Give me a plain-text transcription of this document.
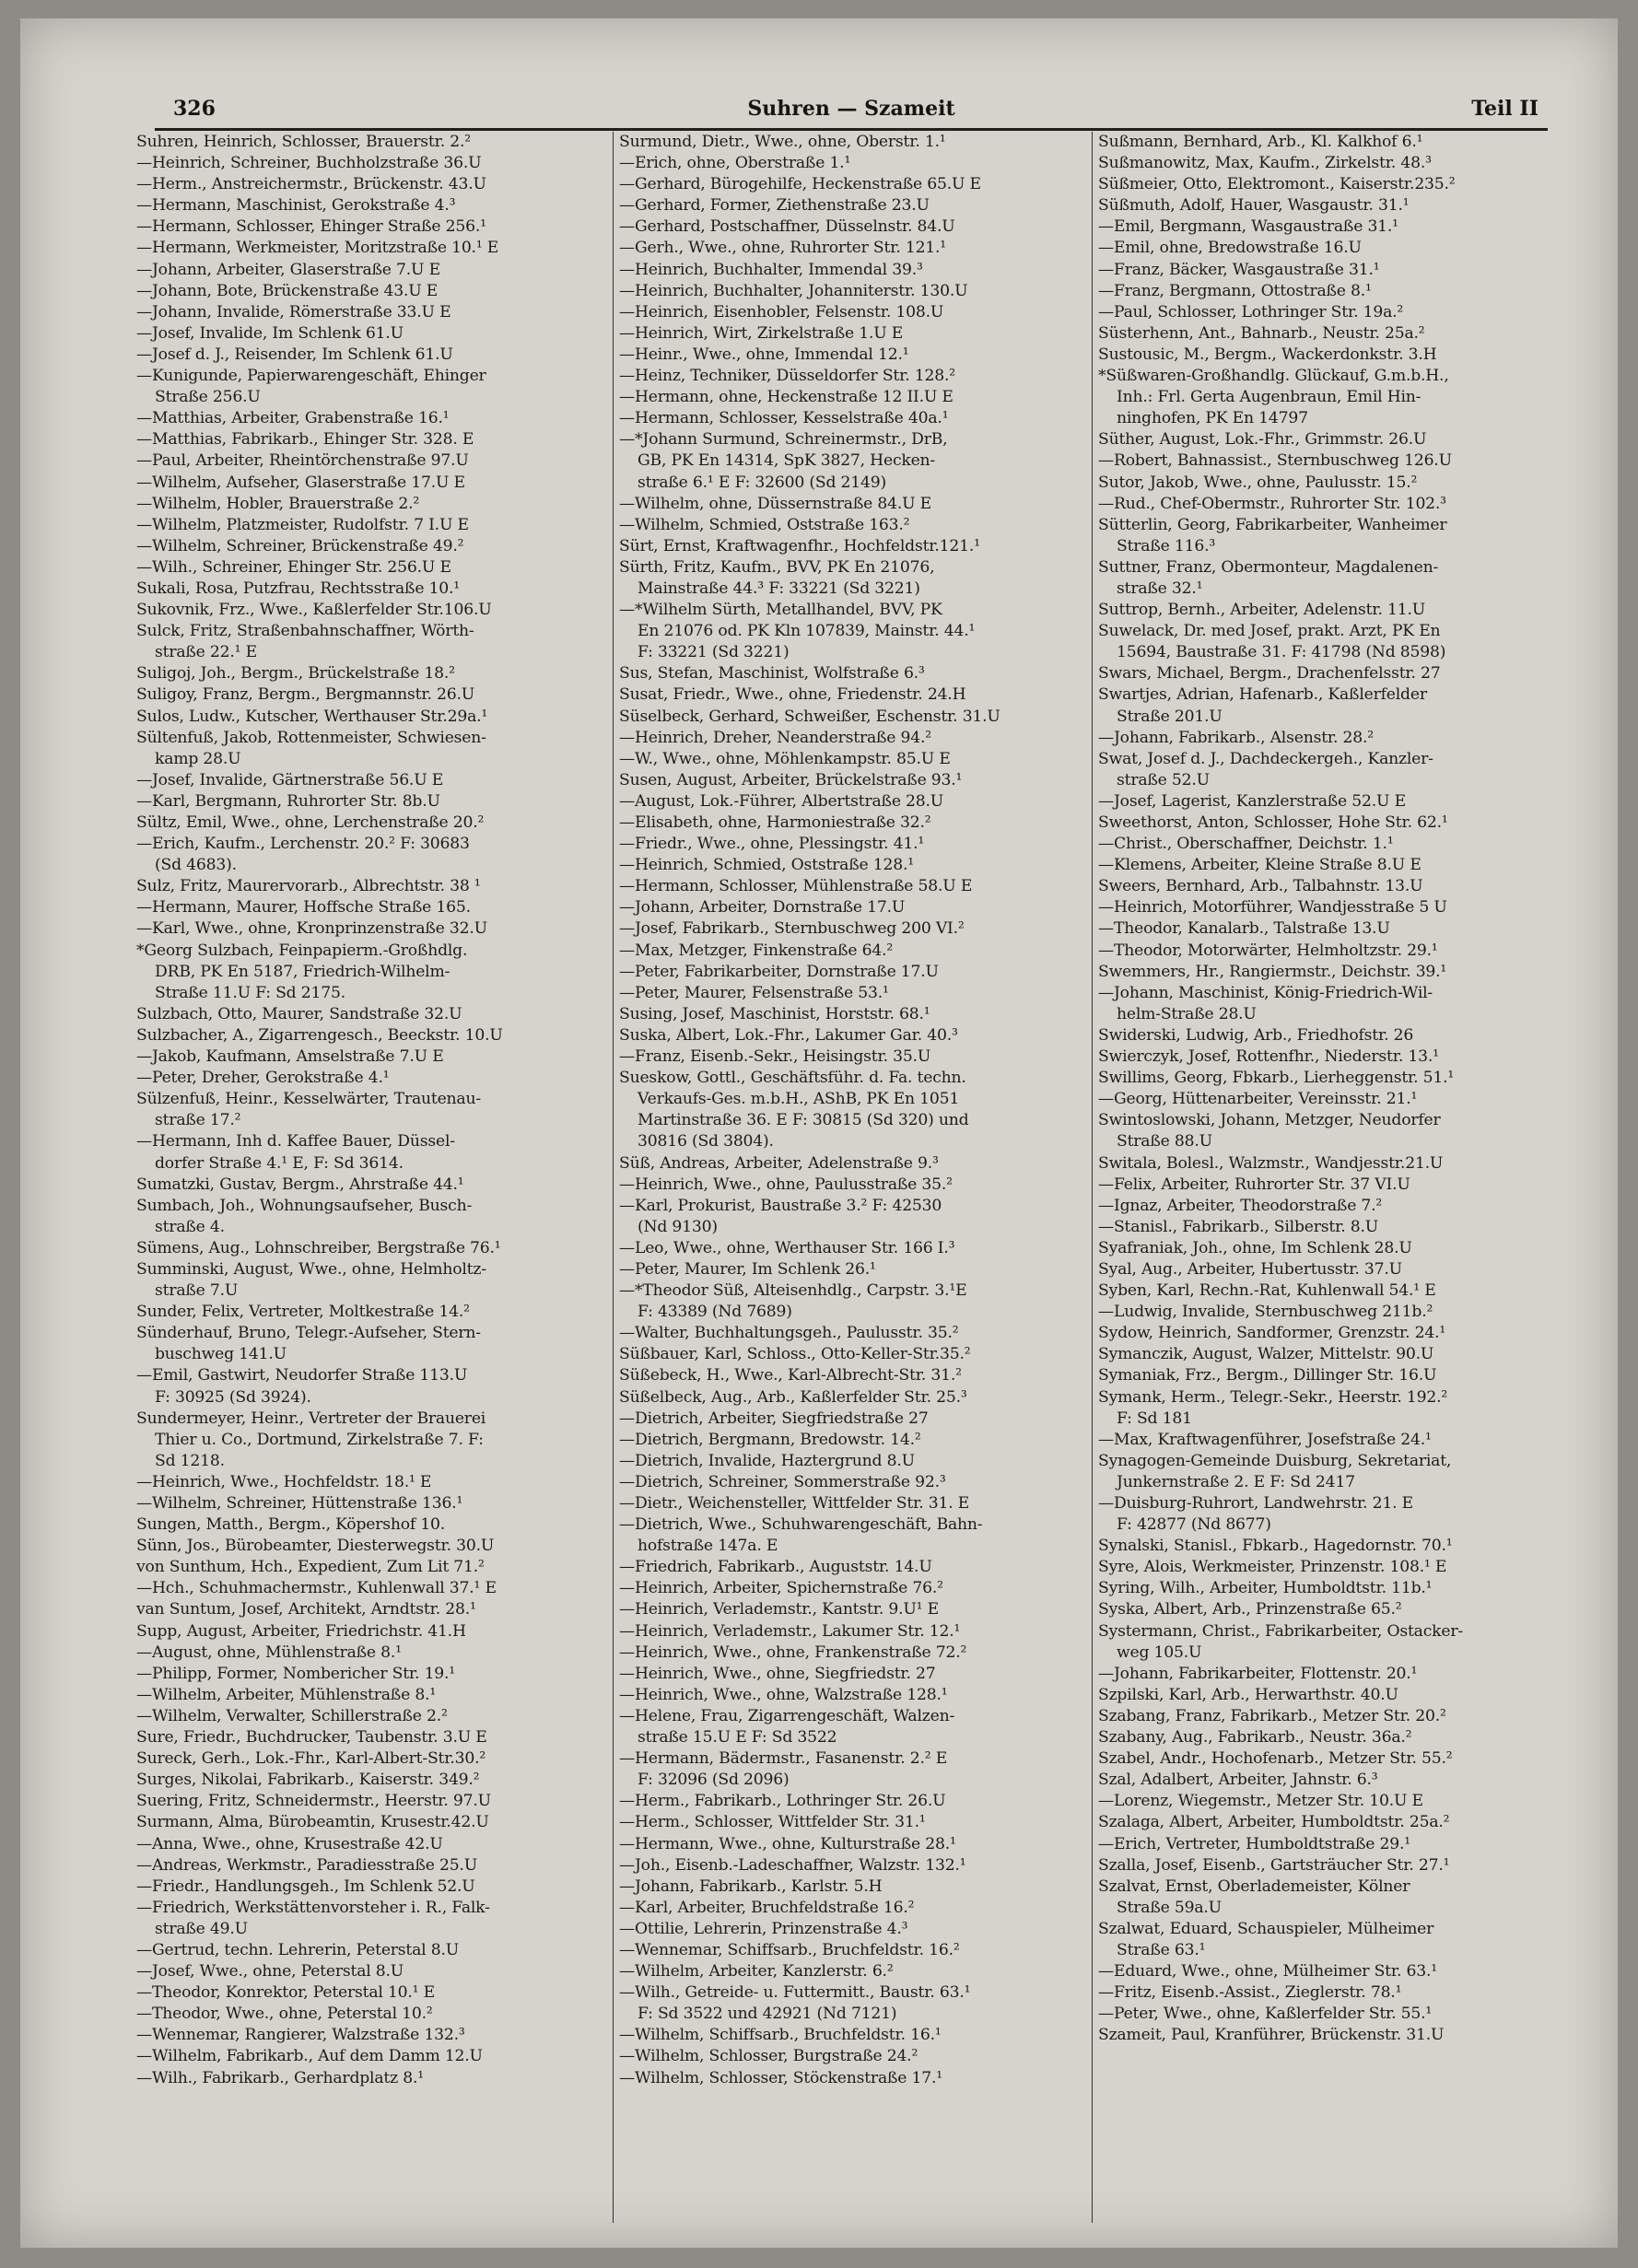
326	Suhren — Szameit	Teil II
Suhren, Heinrich, Schlosser, Brauerstr. 2.²
—Heinrich, Schreiner, Buchholzstraße 36.U
—Herm., Anstreichermstr., Brückenstr. 43.U
—Hermann, Maschinist, Gerokstraße 4.³
—Hermann, Schlosser, Ehinger Straße 256.¹
—Hermann, Werkmeister, Moritzstraße 10.¹ E
—Johann, Arbeiter, Glaserstraße 7.U E
—Johann, Bote, Brückenstraße 43.U E
—Johann, Invalide, Römerstraße 33.U E
—Josef, Invalide, Im Schlenk 61.U
—Josef d. J., Reisender, Im Schlenk 61.U
—Kunigunde, Papierwarengeschäft, Ehinger
Straße 256.U
—Matthias, Arbeiter, Grabenstraße 16.¹
—Matthias, Fabrikarb., Ehinger Str. 328. E
—Paul, Arbeiter, Rheintörchenstraße 97.U
—Wilhelm, Aufseher, Glaserstraße 17.U E
—Wilhelm, Hobler, Brauerstraße 2.²
—Wilhelm, Platzmeister, Rudolfstr. 7 I.U E
—Wilhelm, Schreiner, Brückenstraße 49.²
—Wilh., Schreiner, Ehinger Str. 256.U E
Sukali, Rosa, Putzfrau, Rechtsstraße 10.¹
Sukovnik, Frz., Wwe., Kaßlerfelder Str.106.U
Sulck, Fritz, Straßenbahnschaffner, Wörth-
straße 22.¹ E
Suligoj, Joh., Bergm., Brückelstraße 18.²
Suligoy, Franz, Bergm., Bergmannstr. 26.U
Sulos, Ludw., Kutscher, Werthauser Str.29a.¹
Sültenfuß, Jakob, Rottenmeister, Schwiesen-
kamp 28.U
—Josef, Invalide, Gärtnerstraße 56.U E
—Karl, Bergmann, Ruhrorter Str. 8b.U
Sültz, Emil, Wwe., ohne, Lerchenstraße 20.²
—Erich, Kaufm., Lerchenstr. 20.² F: 30683
(Sd 4683).
Sulz, Fritz, Maurervorarb., Albrechtstr. 38 ¹
—Hermann, Maurer, Hoffsche Straße 165.
—Karl, Wwe., ohne, Kronprinzenstraße 32.U
*Georg Sulzbach, Feinpapierm.-Großhdlg.
DRB, PK En 5187, Friedrich-Wilhelm-
Straße 11.U F: Sd 2175.
Sulzbach, Otto, Maurer, Sandstraße 32.U
Sulzbacher, A., Zigarrengesch., Beeckstr. 10.U
—Jakob, Kaufmann, Amselstraße 7.U E
—Peter, Dreher, Gerokstraße 4.¹
Sülzenfuß, Heinr., Kesselwärter, Trautenau-
straße 17.²
—Hermann, Inh d. Kaffee Bauer, Düssel-
dorfer Straße 4.¹ E, F: Sd 3614.
Sumatzki, Gustav, Bergm., Ahrstraße 44.¹
Sumbach, Joh., Wohnungsaufseher, Busch-
straße 4.
Sümens, Aug., Lohnschreiber, Bergstraße 76.¹
Summinski, August, Wwe., ohne, Helmholtz-
straße 7.U
Sunder, Felix, Vertreter, Moltkestraße 14.²
Sünderhauf, Bruno, Telegr.-Aufseher, Stern-
buschweg 141.U
—Emil, Gastwirt, Neudorfer Straße 113.U
F: 30925 (Sd 3924).
Sundermeyer, Heinr., Vertreter der Brauerei
Thier u. Co., Dortmund, Zirkelstraße 7. F:
Sd 1218.
—Heinrich, Wwe., Hochfeldstr. 18.¹ E
—Wilhelm, Schreiner, Hüttenstraße 136.¹
Sungen, Matth., Bergm., Köpershof 10.
Sünn, Jos., Bürobeamter, Diesterwegstr. 30.U
von Sunthum, Hch., Expedient, Zum Lit 71.²
—Hch., Schuhmachermstr., Kuhlenwall 37.¹ E
van Suntum, Josef, Architekt, Arndtstr. 28.¹
Supp, August, Arbeiter, Friedrichstr. 41.H
—August, ohne, Mühlenstraße 8.¹
—Philipp, Former, Nombericher Str. 19.¹
—Wilhelm, Arbeiter, Mühlenstraße 8.¹
—Wilhelm, Verwalter, Schillerstraße 2.²
Sure, Friedr., Buchdrucker, Taubenstr. 3.U E
Sureck, Gerh., Lok.-Fhr., Karl-Albert-Str.30.²
Surges, Nikolai, Fabrikarb., Kaiserstr. 349.²
Suering, Fritz, Schneidermstr., Heerstr. 97.U
Surmann, Alma, Bürobeamtin, Krusestr.42.U
—Anna, Wwe., ohne, Krusestraße 42.U
—Andreas, Werkmstr., Paradiesstraße 25.U
—Friedr., Handlungsgeh., Im Schlenk 52.U
—Friedrich, Werkstättenvorsteher i. R., Falk-
straße 49.U
—Gertrud, techn. Lehrerin, Peterstal 8.U
—Josef, Wwe., ohne, Peterstal 8.U
—Theodor, Konrektor, Peterstal 10.¹ E
—Theodor, Wwe., ohne, Peterstal 10.²
—Wennemar, Rangierer, Walzstraße 132.³
—Wilhelm, Fabrikarb., Auf dem Damm 12.U
—Wilh., Fabrikarb., Gerhardplatz 8.¹
Surmund, Dietr., Wwe., ohne, Oberstr. 1.¹
—Erich, ohne, Oberstraße 1.¹
—Gerhard, Bürogehilfe, Heckenstraße 65.U E
—Gerhard, Former, Ziethenstraße 23.U
—Gerhard, Postschaffner, Düsselnstr. 84.U
—Gerh., Wwe., ohne, Ruhrorter Str. 121.¹
—Heinrich, Buchhalter, Immendal 39.³
—Heinrich, Buchhalter, Johanniterstr. 130.U
—Heinrich, Eisenhobler, Felsenstr. 108.U
—Heinrich, Wirt, Zirkelstraße 1.U E
—Heinr., Wwe., ohne, Immendal 12.¹
—Heinz, Techniker, Düsseldorfer Str. 128.²
—Hermann, ohne, Heckenstraße 12 II.U E
—Hermann, Schlosser, Kesselstraße 40a.¹
—*Johann Surmund, Schreinermstr., DrB,
GB, PK En 14314, SpK 3827, Hecken-
straße 6.¹ E F: 32600 (Sd 2149)
—Wilhelm, ohne, Düssernstraße 84.U E
—Wilhelm, Schmied, Oststraße 163.²
Sürt, Ernst, Kraftwagenfhr., Hochfeldstr.121.¹
Sürth, Fritz, Kaufm., BVV, PK En 21076,
Mainstraße 44.³ F: 33221 (Sd 3221)
—*Wilhelm Sürth, Metallhandel, BVV, PK
En 21076 od. PK Kln 107839, Mainstr. 44.¹
F: 33221 (Sd 3221)
Sus, Stefan, Maschinist, Wolfstraße 6.³
Susat, Friedr., Wwe., ohne, Friedenstr. 24.H
Süselbeck, Gerhard, Schweißer, Eschenstr. 31.U
—Heinrich, Dreher, Neanderstraße 94.²
—W., Wwe., ohne, Möhlenkampstr. 85.U E
Susen, August, Arbeiter, Brückelstraße 93.¹
—August, Lok.-Führer, Albertstraße 28.U
—Elisabeth, ohne, Harmoniestraße 32.²
—Friedr., Wwe., ohne, Plessingstr. 41.¹
—Heinrich, Schmied, Oststraße 128.¹
—Hermann, Schlosser, Mühlenstraße 58.U E
—Johann, Arbeiter, Dornstraße 17.U
—Josef, Fabrikarb., Sternbuschweg 200 VI.²
—Max, Metzger, Finkenstraße 64.²
—Peter, Fabrikarbeiter, Dornstraße 17.U
—Peter, Maurer, Felsenstraße 53.¹
Susing, Josef, Maschinist, Horststr. 68.¹
Suska, Albert, Lok.-Fhr., Lakumer Gar. 40.³
—Franz, Eisenb.-Sekr., Heisingstr. 35.U
Sueskow, Gottl., Geschäftsführ. d. Fa. techn.
Verkaufs-Ges. m.b.H., AShB, PK En 1051
Martinstraße 36. E F: 30815 (Sd 320) und
30816 (Sd 3804).
Süß, Andreas, Arbeiter, Adelenstraße 9.³
—Heinrich, Wwe., ohne, Paulusstraße 35.²
—Karl, Prokurist, Baustraße 3.² F: 42530
(Nd 9130)
—Leo, Wwe., ohne, Werthauser Str. 166 I.³
—Peter, Maurer, Im Schlenk 26.¹
—*Theodor Süß, Alteisenhdlg., Carpstr. 3.¹E
F: 43389 (Nd 7689)
—Walter, Buchhaltungsgeh., Paulusstr. 35.²
Süßbauer, Karl, Schloss., Otto-Keller-Str.35.²
Süßebeck, H., Wwe., Karl-Albrecht-Str. 31.²
Süßelbeck, Aug., Arb., Kaßlerfelder Str. 25.³
—Dietrich, Arbeiter, Siegfriedstraße 27
—Dietrich, Bergmann, Bredowstr. 14.²
—Dietrich, Invalide, Haztergrund 8.U
—Dietrich, Schreiner, Sommerstraße 92.³
—Dietr., Weichensteller, Wittfelder Str. 31. E
—Dietrich, Wwe., Schuhwarengeschäft, Bahn-
hofstraße 147a. E
—Friedrich, Fabrikarb., Auguststr. 14.U
—Heinrich, Arbeiter, Spichernstraße 76.²
—Heinrich, Verlademstr., Kantstr. 9.U¹ E
—Heinrich, Verlademstr., Lakumer Str. 12.¹
—Heinrich, Wwe., ohne, Frankenstraße 72.²
—Heinrich, Wwe., ohne, Siegfriedstr. 27
—Heinrich, Wwe., ohne, Walzstraße 128.¹
—Helene, Frau, Zigarrengeschäft, Walzen-
straße 15.U E F: Sd 3522
—Hermann, Bädermstr., Fasanenstr. 2.² E
F: 32096 (Sd 2096)
—Herm., Fabrikarb., Lothringer Str. 26.U
—Herm., Schlosser, Wittfelder Str. 31.¹
—Hermann, Wwe., ohne, Kulturstraße 28.¹
—Joh., Eisenb.-Ladeschaffner, Walzstr. 132.¹
—Johann, Fabrikarb., Karlstr. 5.H
—Karl, Arbeiter, Bruchfeldstraße 16.²
—Ottilie, Lehrerin, Prinzenstraße 4.³
—Wennemar, Schiffsarb., Bruchfeldstr. 16.²
—Wilhelm, Arbeiter, Kanzlerstr. 6.²
—Wilh., Getreide- u. Futtermitt., Baustr. 63.¹
F: Sd 3522 und 42921 (Nd 7121)
—Wilhelm, Schiffsarb., Bruchfeldstr. 16.¹
—Wilhelm, Schlosser, Burgstraße 24.²
—Wilhelm, Schlosser, Stöckenstraße 17.¹
Sußmann, Bernhard, Arb., Kl. Kalkhof 6.¹
Sußmanowitz, Max, Kaufm., Zirkelstr. 48.³
Süßmeier, Otto, Elektromont., Kaiserstr.235.²
Süßmuth, Adolf, Hauer, Wasgaustr. 31.¹
—Emil, Bergmann, Wasgaustraße 31.¹
—Emil, ohne, Bredowstraße 16.U
—Franz, Bäcker, Wasgaustraße 31.¹
—Franz, Bergmann, Ottostraße 8.¹
—Paul, Schlosser, Lothringer Str. 19a.²
Süsterhenn, Ant., Bahnarb., Neustr. 25a.²
Sustousic, M., Bergm., Wackerdonkstr. 3.H
*Süßwaren-Großhandlg. Glückauf, G.m.b.H.,
Inh.: Frl. Gerta Augenbraun, Emil Hin-
ninghofen, PK En 14797
Süther, August, Lok.-Fhr., Grimmstr. 26.U
—Robert, Bahnassist., Sternbuschweg 126.U
Sutor, Jakob, Wwe., ohne, Paulusstr. 15.²
—Rud., Chef-Obermstr., Ruhrorter Str. 102.³
Sütterlin, Georg, Fabrikarbeiter, Wanheimer
Straße 116.³
Suttner, Franz, Obermonteur, Magdalenen-
straße 32.¹
Suttrop, Bernh., Arbeiter, Adelenstr. 11.U
Suwelack, Dr. med Josef, prakt. Arzt, PK En
15694, Baustraße 31. F: 41798 (Nd 8598)
Swars, Michael, Bergm., Drachenfelsstr. 27
Swartjes, Adrian, Hafenarb., Kaßlerfelder
Straße 201.U
—Johann, Fabrikarb., Alsenstr. 28.²
Swat, Josef d. J., Dachdeckergeh., Kanzler-
straße 52.U
—Josef, Lagerist, Kanzlerstraße 52.U E
Sweethorst, Anton, Schlosser, Hohe Str. 62.¹
—Christ., Oberschaffner, Deichstr. 1.¹
—Klemens, Arbeiter, Kleine Straße 8.U E
Sweers, Bernhard, Arb., Talbahnstr. 13.U
—Heinrich, Motorführer, Wandjesstraße 5 U
—Theodor, Kanalarb., Talstraße 13.U
—Theodor, Motorwärter, Helmholtzstr. 29.¹
Swemmers, Hr., Rangiermstr., Deichstr. 39.¹
—Johann, Maschinist, König-Friedrich-Wil-
helm-Straße 28.U
Swiderski, Ludwig, Arb., Friedhofstr. 26
Swierczyk, Josef, Rottenfhr., Niederstr. 13.¹
Swillims, Georg, Fbkarb., Lierheggenstr. 51.¹
—Georg, Hüttenarbeiter, Vereinsstr. 21.¹
Swintoslowski, Johann, Metzger, Neudorfer
Straße 88.U
Switala, Bolesl., Walzmstr., Wandjesstr.21.U
—Felix, Arbeiter, Ruhrorter Str. 37 VI.U
—Ignaz, Arbeiter, Theodorstraße 7.²
—Stanisl., Fabrikarb., Silberstr. 8.U
Syafraniak, Joh., ohne, Im Schlenk 28.U
Syal, Aug., Arbeiter, Hubertusstr. 37.U
Syben, Karl, Rechn.-Rat, Kuhlenwall 54.¹ E
—Ludwig, Invalide, Sternbuschweg 211b.²
Sydow, Heinrich, Sandformer, Grenzstr. 24.¹
Symanczik, August, Walzer, Mittelstr. 90.U
Symaniak, Frz., Bergm., Dillinger Str. 16.U
Symank, Herm., Telegr.-Sekr., Heerstr. 192.²
F: Sd 181
—Max, Kraftwagenführer, Josefstraße 24.¹
Synagogen-Gemeinde Duisburg, Sekretariat,
Junkernstraße 2. E F: Sd 2417
—Duisburg-Ruhrort, Landwehrstr. 21. E
F: 42877 (Nd 8677)
Synalski, Stanisl., Fbkarb., Hagedornstr. 70.¹
Syre, Alois, Werkmeister, Prinzenstr. 108.¹ E
Syring, Wilh., Arbeiter, Humboldtstr. 11b.¹
Syska, Albert, Arb., Prinzenstraße 65.²
Systermann, Christ., Fabrikarbeiter, Ostacker-
weg 105.U
—Johann, Fabrikarbeiter, Flottenstr. 20.¹
Szpilski, Karl, Arb., Herwarthstr. 40.U
Szabang, Franz, Fabrikarb., Metzer Str. 20.²
Szabany, Aug., Fabrikarb., Neustr. 36a.²
Szabel, Andr., Hochofenarb., Metzer Str. 55.²
Szal, Adalbert, Arbeiter, Jahnstr. 6.³
—Lorenz, Wiegemstr., Metzer Str. 10.U E
Szalaga, Albert, Arbeiter, Humboldtstr. 25a.²
—Erich, Vertreter, Humboldtstraße 29.¹
Szalla, Josef, Eisenb., Gartsträucher Str. 27.¹
Szalvat, Ernst, Oberlademeister, Kölner
Straße 59a.U
Szalwat, Eduard, Schauspieler, Mülheimer
Straße 63.¹
—Eduard, Wwe., ohne, Mülheimer Str. 63.¹
—Fritz, Eisenb.-Assist., Zieglerstr. 78.¹
—Peter, Wwe., ohne, Kaßlerfelder Str. 55.¹
Szameit, Paul, Kranführer, Brückenstr. 31.U
